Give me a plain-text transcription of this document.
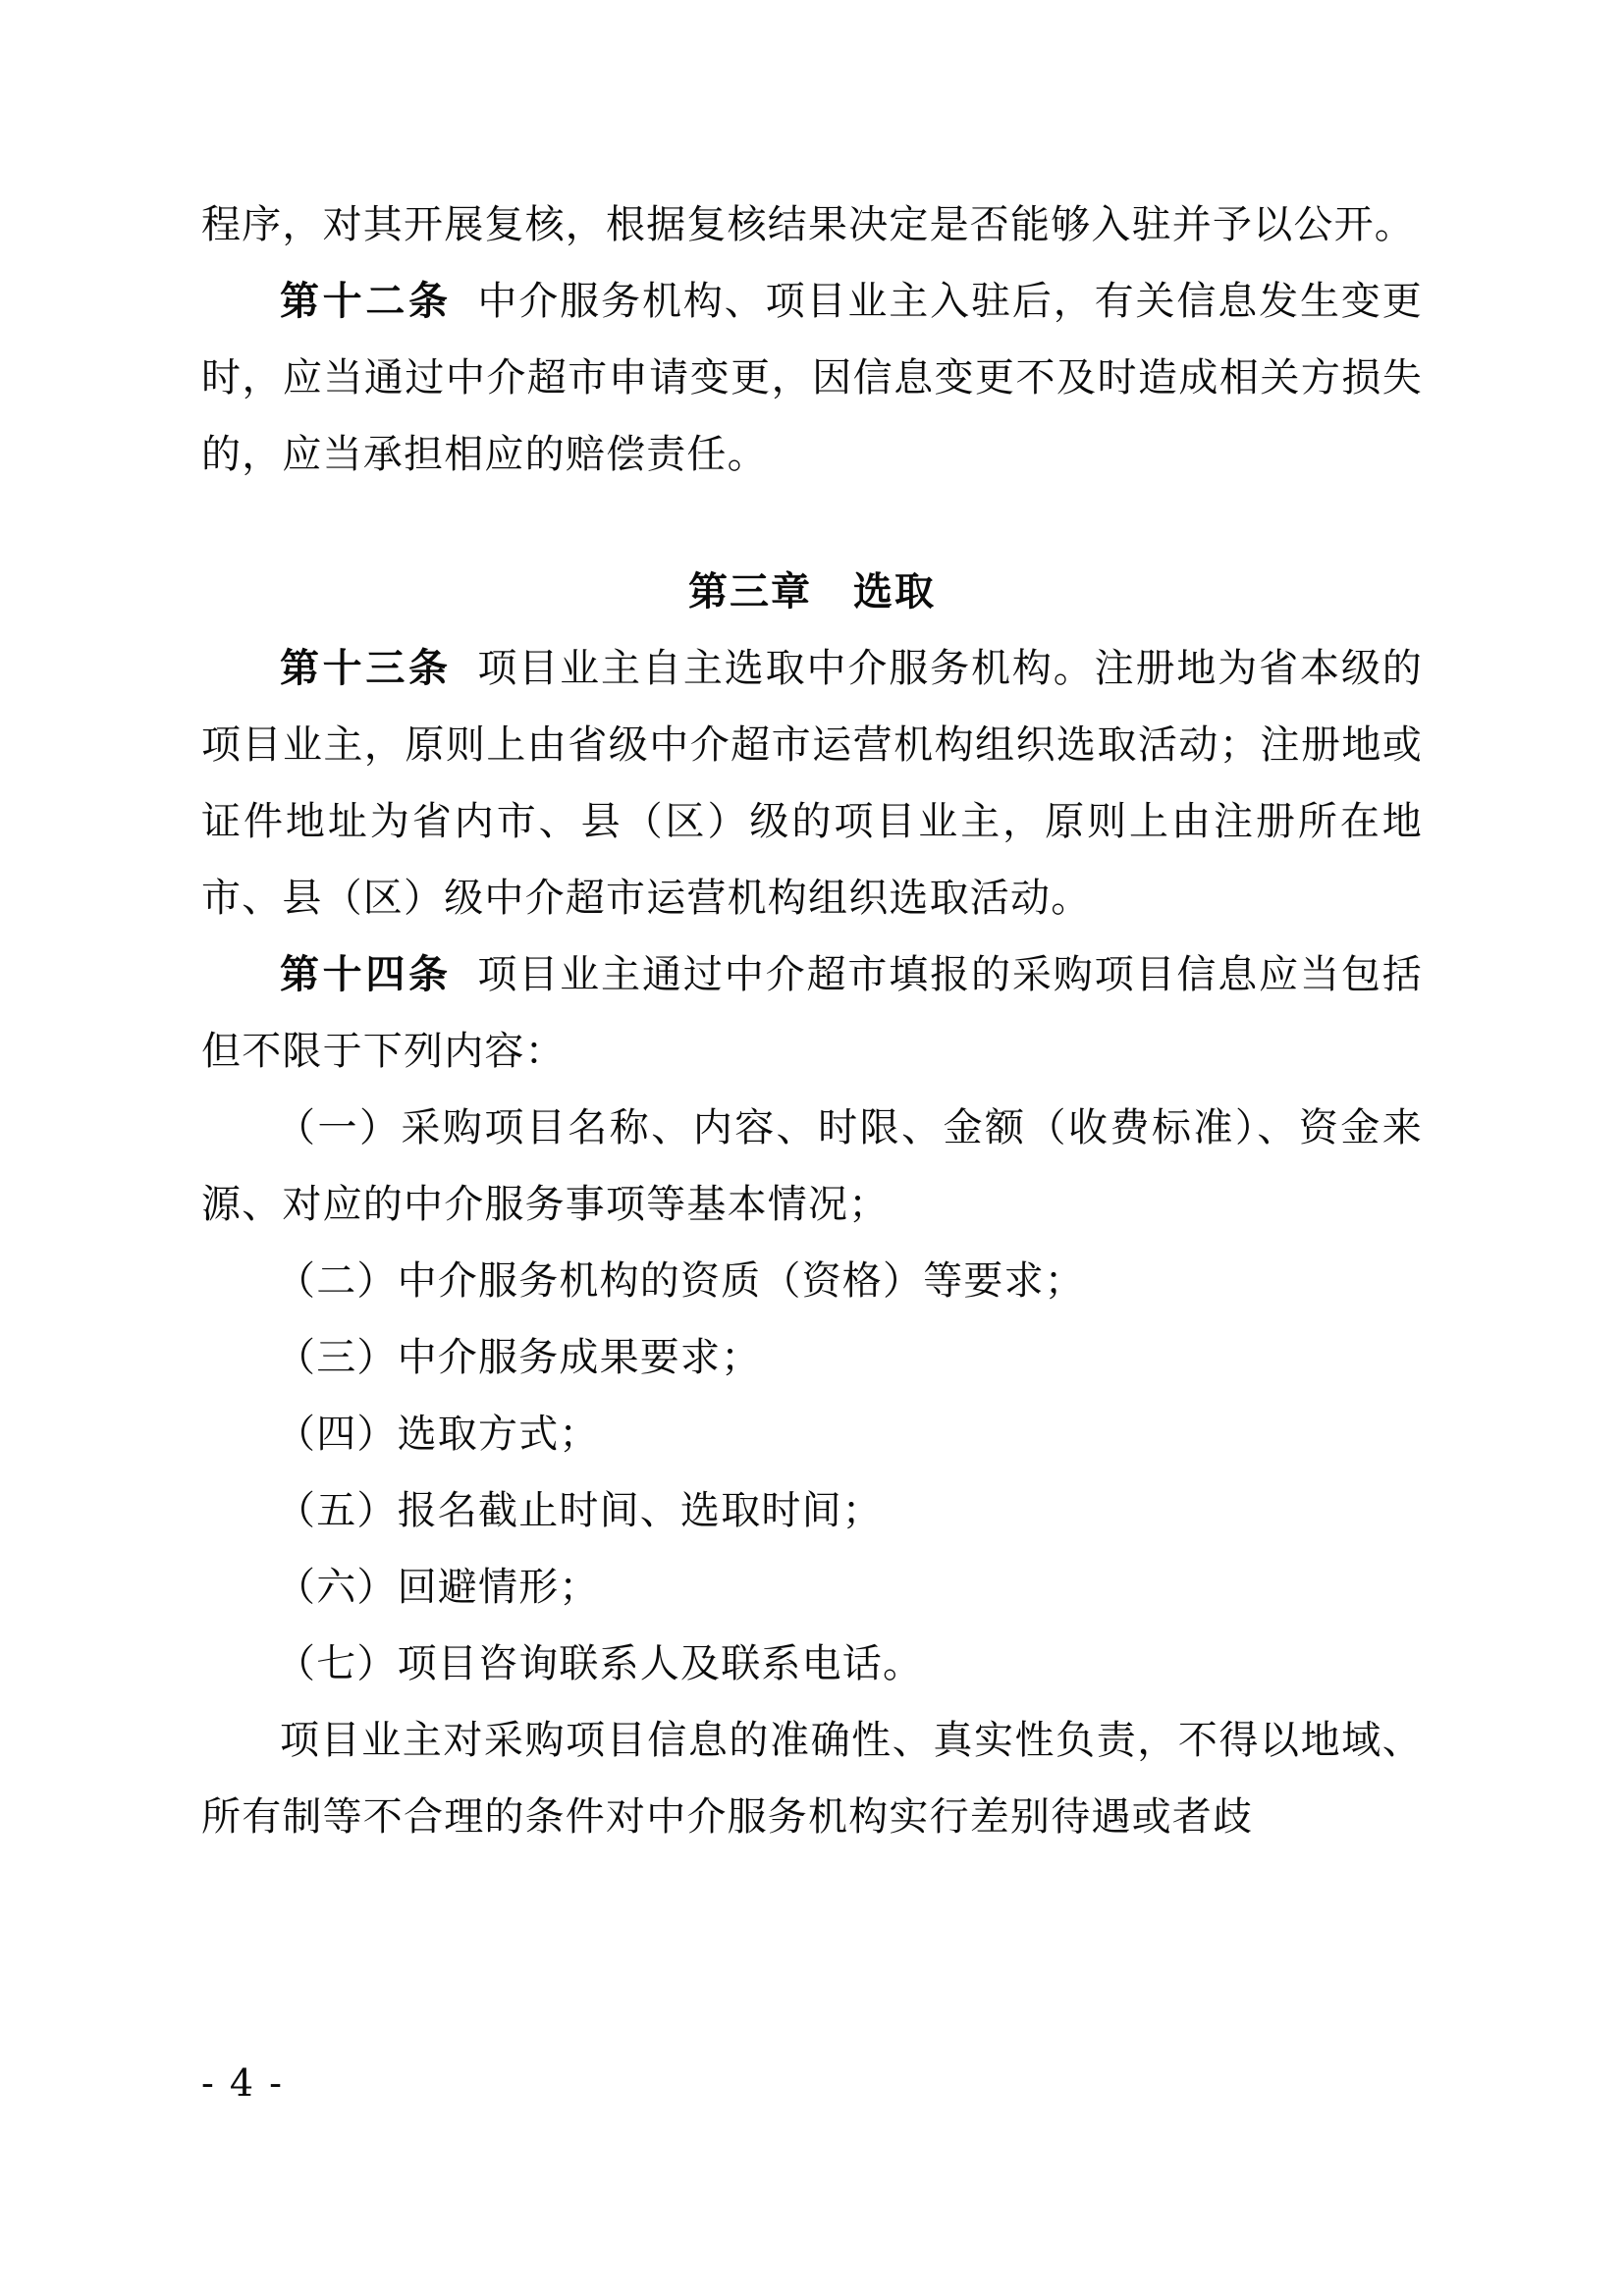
程序，对其开展复核，根据复核结果决定是否能够入驻并予以公开。

第十二条 中介服务机构、项目业主入驻后，有关信息发生变更时，应当通过中介超市申请变更，因信息变更不及时造成相关方损失的，应当承担相应的赔偿责任。

第三章　选取

第十三条 项目业主自主选取中介服务机构。注册地为省本级的项目业主，原则上由省级中介超市运营机构组织选取活动；注册地或证件地址为省内市、县（区）级的项目业主，原则上由注册所在地市、县（区）级中介超市运营机构组织选取活动。

第十四条 项目业主通过中介超市填报的采购项目信息应当包括但不限于下列内容：

（一）采购项目名称、内容、时限、金额（收费标准）、资金来源、对应的中介服务事项等基本情况；

（二）中介服务机构的资质（资格）等要求；

（三）中介服务成果要求；

（四）选取方式；

（五）报名截止时间、选取时间；

（六）回避情形；

（七）项目咨询联系人及联系电话。

项目业主对采购项目信息的准确性、真实性负责，不得以地域、所有制等不合理的条件对中介服务机构实行差别待遇或者歧

- 4 -
